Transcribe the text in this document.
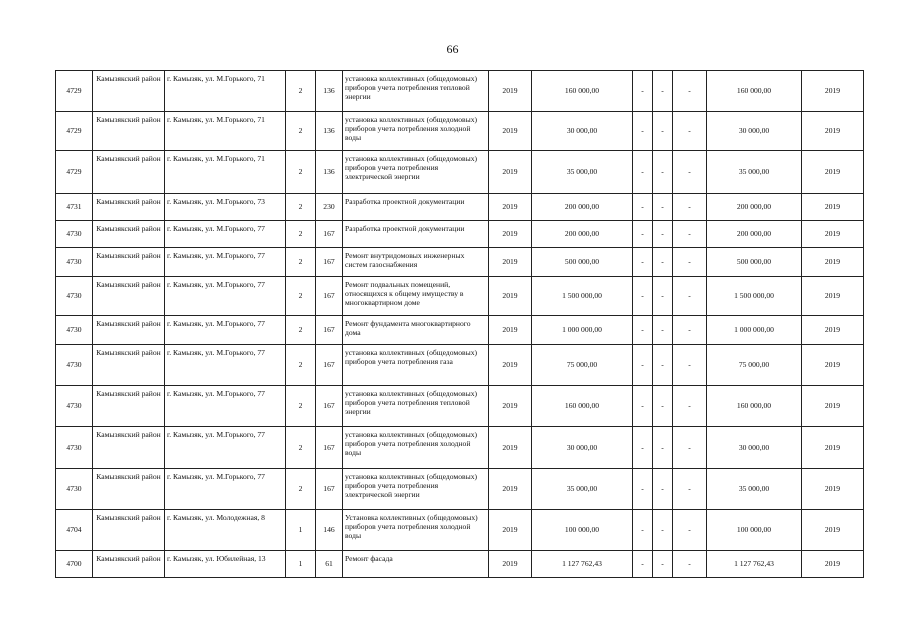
66
4729	Камызякский район	г. Камызяк, ул. М.Горького, 71	2	136	установка коллективных (общедомовых) приборов учета потребления тепловой энергии	2019	160 000,00	-	-	-	160 000,00	2019
4729	Камызякский район	г. Камызяк, ул. М.Горького, 71	2	136	установка коллективных (общедомовых) приборов учета потребления холодной воды	2019	30 000,00	-	-	-	30 000,00	2019
4729	Камызякский район	г. Камызяк, ул. М.Горького, 71	2	136	установка коллективных (общедомовых) приборов учета потребления электрической энергии	2019	35 000,00	-	-	-	35 000,00	2019
4731	Камызякский район	г. Камызяк, ул. М.Горького, 73	2	230	Разработка проектной документации	2019	200 000,00	-	-	-	200 000,00	2019
4730	Камызякский район	г. Камызяк, ул. М.Горького, 77	2	167	Разработка проектной документации	2019	200 000,00	-	-	-	200 000,00	2019
4730	Камызякский район	г. Камызяк, ул. М.Горького, 77	2	167	Ремонт внутридомовых инженерных систем газоснабжения	2019	500 000,00	-	-	-	500 000,00	2019
4730	Камызякский район	г. Камызяк, ул. М.Горького, 77	2	167	Ремонт подвальных помещений, относящихся к общему имуществу в многоквартирном доме	2019	1 500 000,00	-	-	-	1 500 000,00	2019
4730	Камызякский район	г. Камызяк, ул. М.Горького, 77	2	167	Ремонт фундамента многоквартирного дома	2019	1 000 000,00	-	-	-	1 000 000,00	2019
4730	Камызякский район	г. Камызяк, ул. М.Горького, 77	2	167	установка коллективных (общедомовых) приборов учета потребления газа	2019	75 000,00	-	-	-	75 000,00	2019
4730	Камызякский район	г. Камызяк, ул. М.Горького, 77	2	167	установка коллективных (общедомовых) приборов учета потребления тепловой энергии	2019	160 000,00	-	-	-	160 000,00	2019
4730	Камызякский район	г. Камызяк, ул. М.Горького, 77	2	167	установка коллективных (общедомовых) приборов учета потребления холодной воды	2019	30 000,00	-	-	-	30 000,00	2019
4730	Камызякский район	г. Камызяк, ул. М.Горького, 77	2	167	установка коллективных (общедомовых) приборов учета потребления электрической энергии	2019	35 000,00	-	-	-	35 000,00	2019
4704	Камызякский район	г. Камызяк, ул. Молодежная, 8	1	146	Установка коллективных (общедомовых) приборов учета потребления холодной воды	2019	100 000,00	-	-	-	100 000,00	2019
4700	Камызякский район	г. Камызяк, ул. Юбилейная, 13	1	61	Ремонт фасада	2019	1 127 762,43	-	-	-	1 127 762,43	2019
